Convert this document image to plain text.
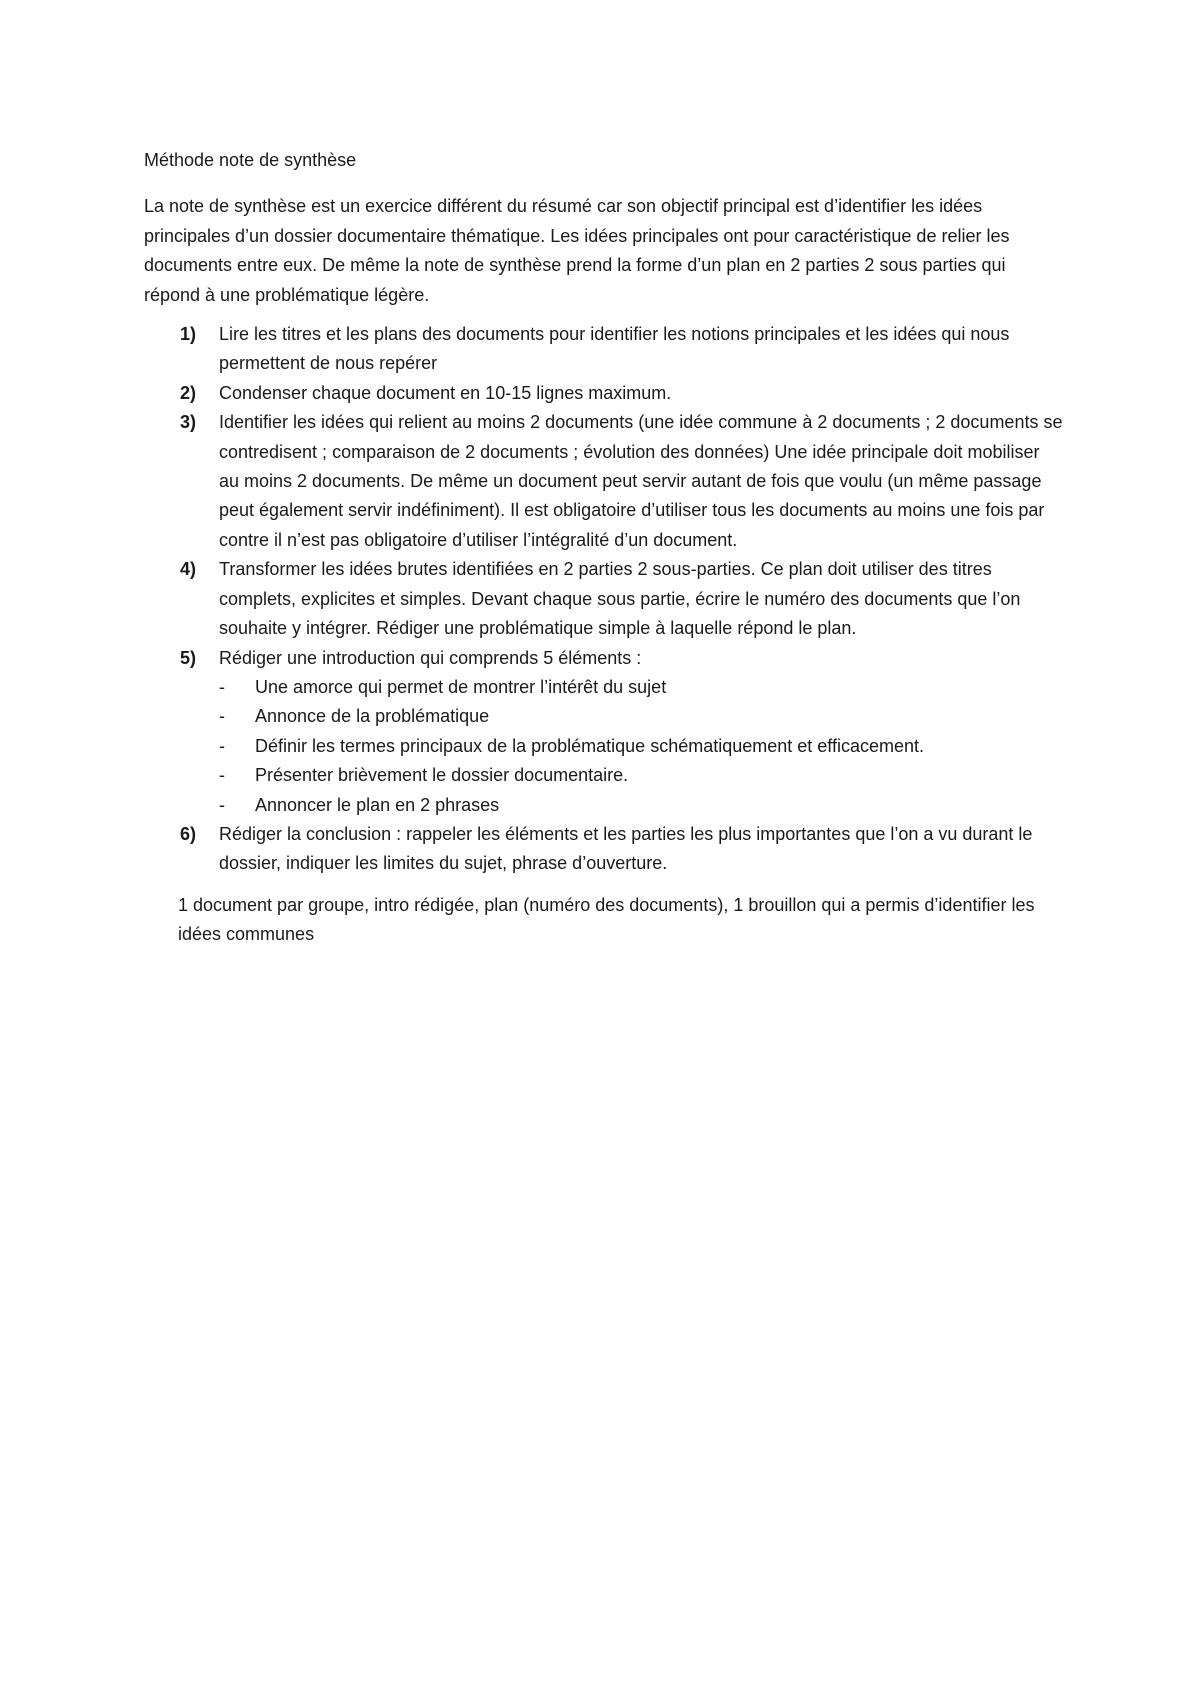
Méthode note de synthèse

La note de synthèse est un exercice différent du résumé car son objectif principal est d’identifier les idées principales d’un dossier documentaire thématique. Les idées principales ont pour caractéristique de relier les documents entre eux. De même la note de synthèse prend la forme d’un plan en 2 parties 2 sous parties qui répond à une problématique légère.

1) Lire les titres et les plans des documents pour identifier les notions principales et les idées qui nous permettent de nous repérer
2) Condenser chaque document en 10-15 lignes maximum.
3) Identifier les idées qui relient au moins 2 documents (une idée commune à 2 documents ; 2 documents se contredisent ; comparaison de 2 documents ; évolution des données) Une idée principale doit mobiliser au moins 2 documents. De même un document peut servir autant de fois que voulu (un même passage peut également servir indéfiniment). Il est obligatoire d’utiliser tous les documents au moins une fois par contre il n’est pas obligatoire d’utiliser l’intégralité d’un document.
4) Transformer les idées brutes identifiées en 2 parties 2 sous-parties. Ce plan doit utiliser des titres complets, explicites et simples. Devant chaque sous partie, écrire le numéro des documents que l’on souhaite y intégrer. Rédiger une problématique simple à laquelle répond le plan.
5) Rédiger une introduction qui comprends 5 éléments :
- Une amorce qui permet de montrer l’intérêt du sujet
- Annonce de la problématique
- Définir les termes principaux de la problématique schématiquement et efficacement.
- Présenter brièvement le dossier documentaire.
- Annoncer le plan en 2 phrases
6) Rédiger la conclusion : rappeler les éléments et les parties les plus importantes que l’on a vu durant le dossier, indiquer les limites du sujet, phrase d’ouverture.

1 document par groupe, intro rédigée, plan (numéro des documents), 1 brouillon qui a permis d’identifier les idées communes
